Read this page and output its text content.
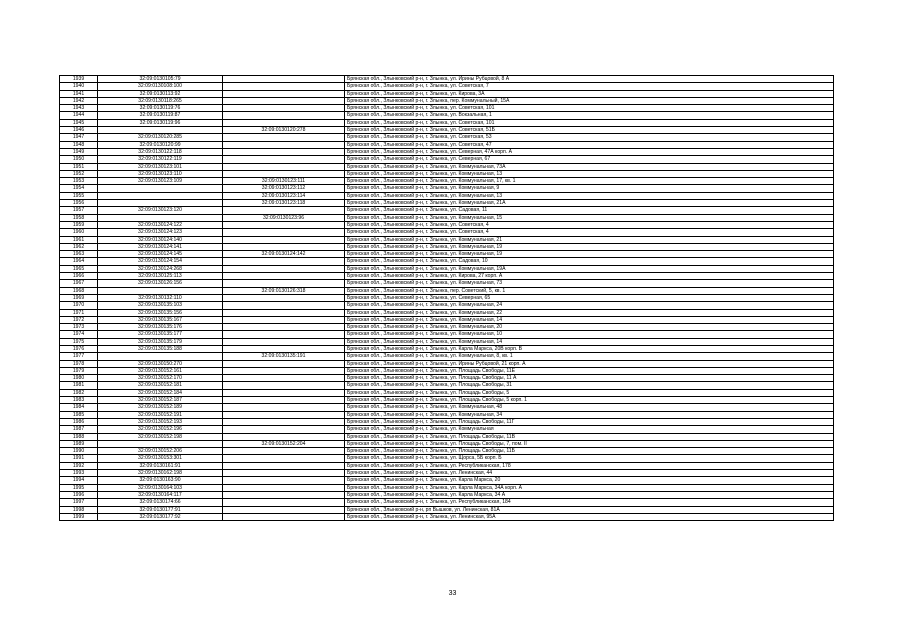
1939	32:09:0130105:79		Брянская обл., Злынковский р-н, г. Злынка, ул. Ирины Рубцовой, 8 А
1940	32:09:0130108:100		Брянская обл., Злынковский р-н, г. Злынка, ул. Советская, 7
1941	32:09:0130113:92		Брянская обл., Злынковский р-н, г. Злынка, ул. Кирова, 3А
1942	32:09:0130118:265		Брянская обл., Злынковский р-н, г. Злынка, пер. Коммунальный, 15А
1943	32:09:0130119:76		Брянская обл., Злынковский р-н, г. Злынка, ул. Советская, 101
1944	32:09:0130119:87		Брянская обл., Злынковский р-н, г. Злынка, ул. Вокзальная, 1
1945	32:09:0130119:96		Брянская обл., Злынковский р-н, г. Злынка, ул. Советская, 101
1946		32:09:0130120:278	Брянская обл., Злынковский р-н, г. Злынка, ул. Советская, 51Б
1947	32:09:0130120:285		Брянская обл., Злынковский р-н, г. Злынка, ул. Советская, 53
1948	32:09:0130120:99		Брянская обл., Злынковский р-н, г. Злынка, ул. Советская, 47
1949	32:09:0130122:118		Брянская обл., Злынковский р-н, г. Злынка, ул. Северная, 47А корп. А
1950	32:09:0130122:119		Брянская обл., Злынковский р-н, г. Злынка, ул. Северная, 67
1951	32:09:0130123:101		Брянская обл., Злынковский р-н, г. Злынка, ул. Коммунальная, 73А
1952	32:09:0130123:110		Брянская обл., Злынковский р-н, г. Злынка, ул. Коммунальная, 13
1953	32:09:0130123:109	32:09:0130123:111	Брянская обл., Злынковский р-н, г. Злынка, ул. Коммунальная, 17, кв. 1
1954		32:09:0130123:112	Брянская обл., Злынковский р-н, г. Злынка, ул. Коммунальная, 9
1955		32:09:0130123:114	Брянская обл., Злынковский р-н, г. Злынка, ул. Коммунальная, 13
1956		32:09:0130123:118	Брянская обл., Злынковский р-н, г. Злынка, ул. Коммунальная, 21А
1957	32:09:0130123:120		Брянская обл., Злынковский р-н, г. Злынка, ул. Садовая, 11
1958		32:09:0130123:96	Брянская обл., Злынковский р-н, г. Злынка, ул. Коммунальная, 15
1959	32:09:0130124:122		Брянская обл., Злынковский р-н, г. Злынка, ул. Советская, 4
1960	32:09:0130124:123		Брянская обл., Злынковский р-н, г. Злынка, ул. Советская, 4
1961	32:09:0130124:140		Брянская обл., Злынковский р-н, г. Злынка, ул. Коммунальная, 21
1962	32:09:0130124:141		Брянская обл., Злынковский р-н, г. Злынка, ул. Коммунальная, 19
1963	32:09:0130124:145	32:09:0130124:142	Брянская обл., Злынковский р-н, г. Злынка, ул. Коммунальная, 19
1964	32:09:0130124:154		Брянская обл., Злынковский р-н, г. Злынка, ул. Садовая, 10
1965	32:09:0130124:268		Брянская обл., Злынковский р-н, г. Злынка, ул. Коммунальная, 19А
1966	32:09:0130125:113		Брянская обл., Злынковский р-н, г. Злынка, ул. Кирова, 27 корп. А
1967	32:09:0130126:156		Брянская обл., Злынковский р-н, г. Злынка, ул. Коммунальная, 73
1968		32:09:0130126:318	Брянская обл., Злынковский р-н, г. Злынка, пер. Советский, 5, кв. 1
1969	32:09:0130132:110		Брянская обл., Злынковский р-н, г. Злынка, ул. Северная, 65
1970	32:09:0130135:103		Брянская обл., Злынковский р-н, г. Злынка, ул. Коммунальная, 24
1971	32:09:0130135:156		Брянская обл., Злынковский р-н, г. Злынка, ул. Коммунальная, 22
1972	32:09:0130135:167		Брянская обл., Злынковский р-н, г. Злынка, ул. Коммунальная, 14
1973	32:09:0130135:176		Брянская обл., Злынковский р-н, г. Злынка, ул. Коммунальная, 20
1974	32:09:0130135:177		Брянская обл., Злынковский р-н, г. Злынка, ул. Коммунальная, 10
1975	32:09:0130135:179		Брянская обл., Злынковский р-н, г. Злынка, ул. Коммунальная, 14
1976	32:09:0130135:188		Брянская обл., Злынковский р-н, г. Злынка, ул. Карла Маркса, 20В корп. В
1977		32:09:0130135:191	Брянская обл., Злынковский р-н, г. Злынка, ул. Коммунальная, 8, кв. 1
1978	32:09:0130150:270		Брянская обл., Злынковский р-н, г. Злынка, ул. Ирины Рубцовой, 21 корп. А
1979	32:09:0130152:161		Брянская обл., Злынковский р-н, г. Злынка, ул. Площадь Свободы, 11Е
1980	32:09:0130152:170		Брянская обл., Злынковский р-н, г. Злынка, ул. Площадь Свободы, 11 А
1981	32:09:0130152:181		Брянская обл., Злынковский р-н, г. Злынка, ул. Площадь Свободы, 31
1982	32:09:0130152:184		Брянская обл., Злынковский р-н, г. Злынка, ул. Площадь Свободы, 5
1983	32:09:0130152:187		Брянская обл., Злынковский р-н, г. Злынка, ул. Площадь Свободы, 5 корп. 1
1984	32:09:0130152:189		Брянская обл., Злынковский р-н, г. Злынка, ул. Коммунальная, 48
1985	32:09:0130152:191		Брянская обл., Злынковский р-н, г. Злынка, ул. Коммунальная, 34
1986	32:09:0130152:193		Брянская обл., Злынковский р-н, г. Злынка, ул. Площадь Свободы, 11Г
1987	32:09:0130152:196		Брянская обл., Злынковский р-н, г. Злынка, ул. Коммунальная
1988	32:09:0130152:198		Брянская обл., Злынковский р-н, г. Злынка, ул. Площадь Свободы, 11В
1989		32:09:0130152:204	Брянская обл., Злынковский р-н, г. Злынка, ул. Площадь Свободы, 7, пом. II
1990	32:09:0130152:206		Брянская обл., Злынковский р-н, г. Злынка, ул. Площадь Свободы, 11Б
1991	32:09:0130153:301		Брянская обл., Злынковский р-н, г. Злынка, ул. Щорса, 5Б корп. Б
1992	32:09:0130161:91		Брянская обл., Злынковский р-н, г. Злынка, ул. Республиканская, 178
1993	32:09:0130162:198		Брянская обл., Злынковский р-н, г. Злынка, ул. Ленинская, 44
1994	32:09:0130163:90		Брянская обл., Злынковский р-н, г. Злынка, ул. Карла Маркса, 20
1995	32:09:0130164:103		Брянская обл., Злынковский р-н, г. Злынка, ул. Карла Маркса, 34А корп. А
1996	32:09:0130164:117		Брянская обл., Злынковский р-н, г. Злынка, ул. Карла Маркса, 34 А
1997	32:09:0130174:66		Брянская обл., Злынковский р-н, г. Злынка, ул. Республиканская, 184
1998	32:09:0130177:91		Брянская обл., Злынковский р-н, рп Вышков, ул. Ленинская, 81А
1999	32:09:0130177:92		Брянская обл., Злынковский р-н, г. Злынка, ул. Ленинская, 95А
33
